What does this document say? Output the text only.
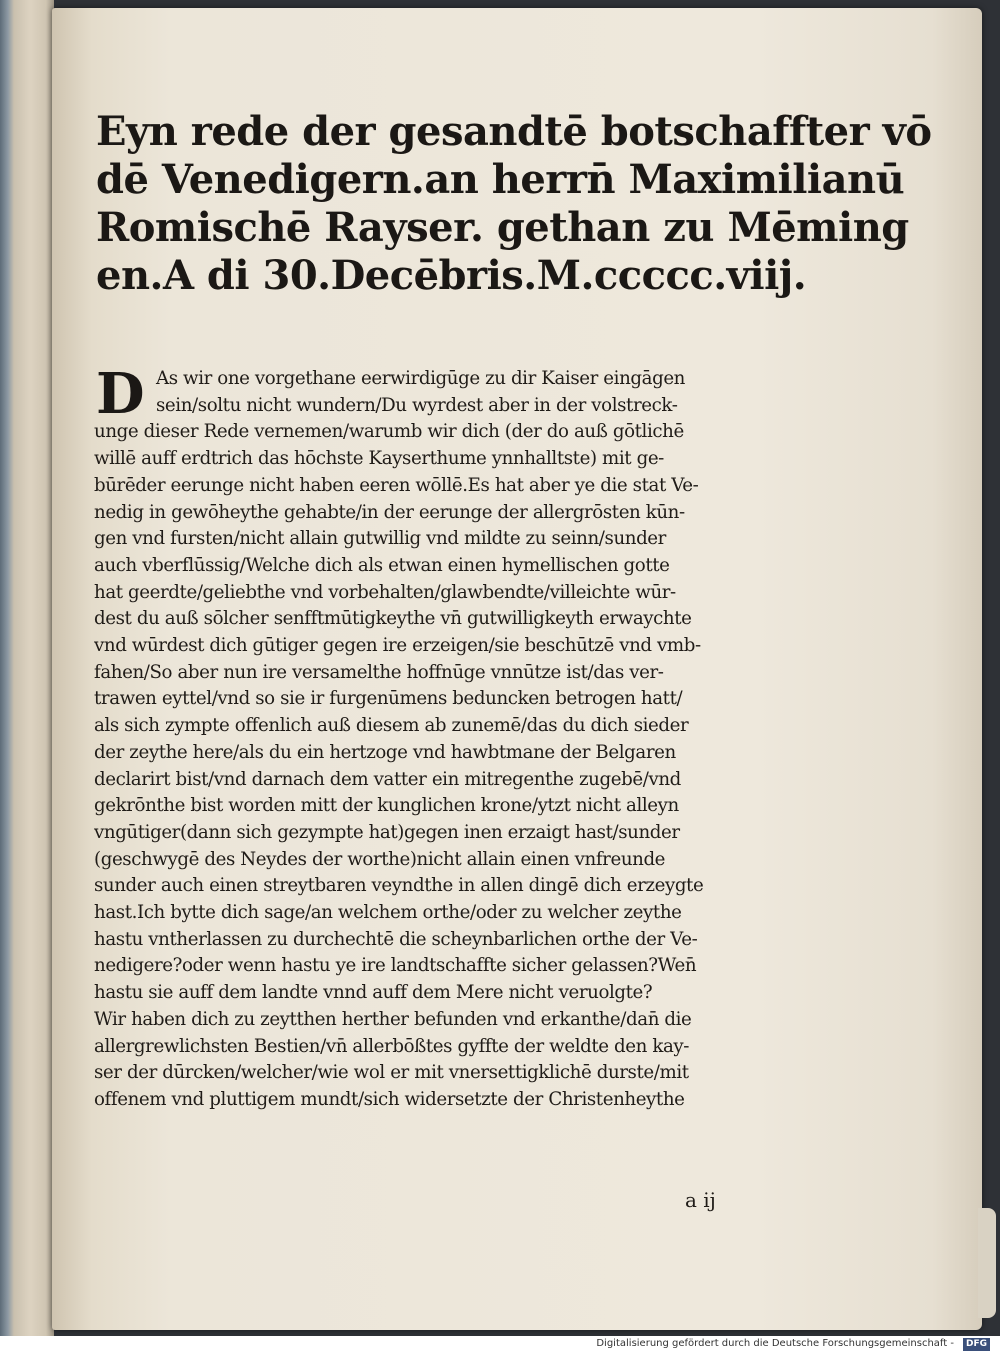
Eyn rede der gesandtē botschaffter vō
dē Venedigern.an herrn̄ Maximilianū
Romischē Rayser. gethan zu Mēming
en.A di 30.Decēbris.M.ccccc.viij.
D As wir one vorgethane eerwirdigūge zu dir Kaiser eingāgen
sein/soltu nicht wundern/Du wyrdest aber in der volstreck-
unge dieser Rede vernemen/warumb wir dich (der do auß gōtlichē
willē auff erdtrich das hōchste Kayserthume ynnhalltste) mit ge-
būrēder eerunge nicht haben eeren wōllē.Es hat aber ye die stat Ve-
nedig in gewōheythe gehabte/in der eerunge der allergrōsten kūn-
gen vnd fursten/nicht allain gutwillig vnd mildte zu seinn/sunder
auch vberflūssig/Welche dich als etwan einen hymellischen gotte
hat geerdte/geliebthe vnd vorbehalten/glawbendte/villeichte wūr-
dest du auß sōlcher senfftmūtigkeythe vn̄ gutwilligkeyth erwaychte
vnd wūrdest dich gūtiger gegen ire erzeigen/sie beschūtzē vnd vmb-
fahen/So aber nun ire versamelthe hoffnūge vnnūtze ist/das ver-
trawen eyttel/vnd so sie ir furgenūmens beduncken betrogen hatt/
als sich zympte offenlich auß diesem ab zunemē/das du dich sieder
der zeythe here/als du ein hertzoge vnd hawbtmane der Belgaren
declarirt bist/vnd darnach dem vatter ein mitregenthe zugebē/vnd
gekrōnthe bist worden mitt der kunglichen krone/ytzt nicht alleyn
vngūtiger(dann sich gezympte hat)gegen inen erzaigt hast/sunder
(geschwygē des Neydes der worthe)nicht allain einen vnfreunde
sunder auch einen streytbaren veyndthe in allen dingē dich erzeygte
hast.Ich bytte dich sage/an welchem orthe/oder zu welcher zeythe
hastu vntherlassen zu durchechtē die scheynbarlichen orthe der Ve-
nedigere?oder wenn hastu ye ire landtschaffte sicher gelassen?Wen̄
hastu sie auff dem landte vnnd auff dem Mere nicht veruolgte?
Wir haben dich zu zeytthen herther befunden vnd erkanthe/dan̄ die
allergrewlichsten Bestien/vn̄ allerbōßtes gyffte der weldte den kay-
ser der dūrcken/welcher/wie wol er mit vnersettigklichē durste/mit
offenem vnd pluttigem mundt/sich widersetzte der Christenheythe
a ij
Digitalisierung gefördert durch die Deutsche Forschungsgemeinschaft -	DFG
